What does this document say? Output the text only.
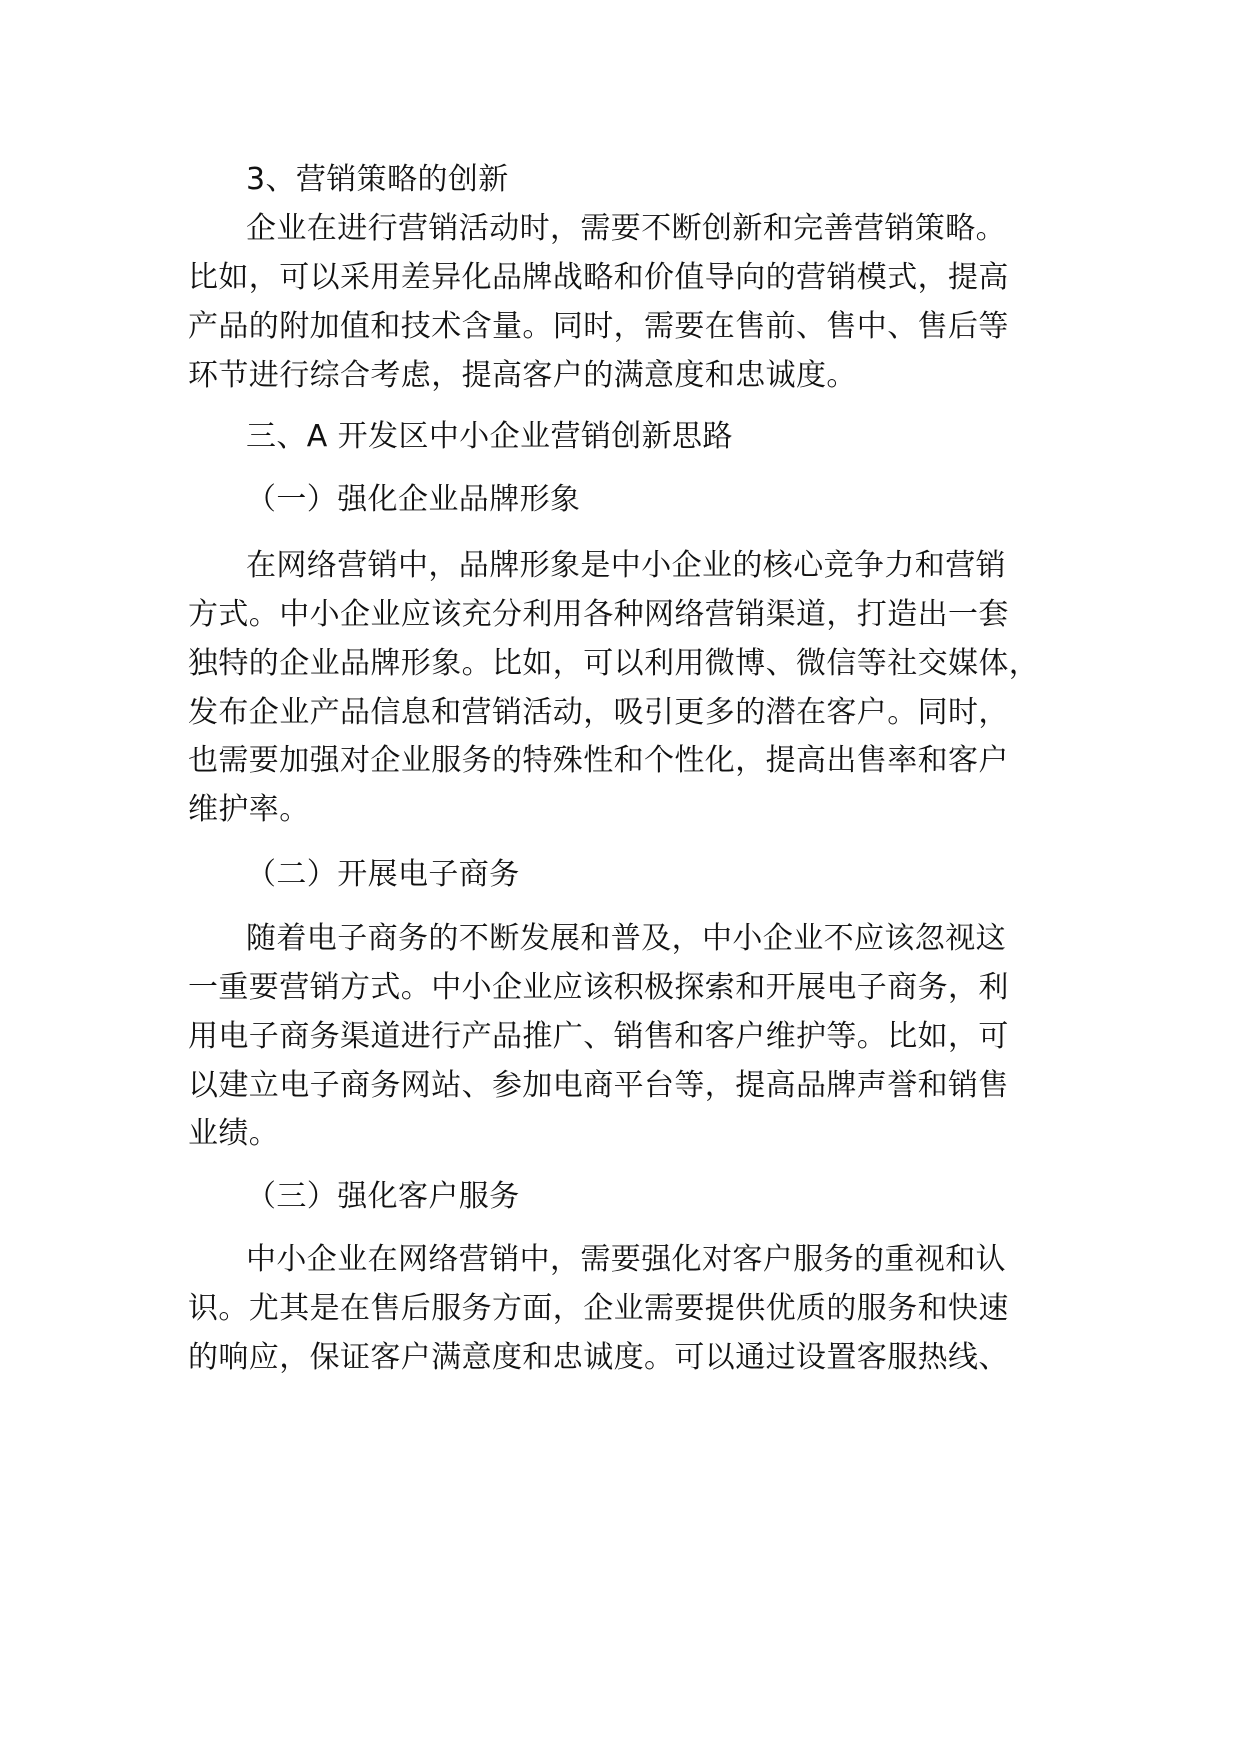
3、营销策略的创新
企业在进行营销活动时，需要不断创新和完善营销策略。
比如，可以采用差异化品牌战略和价值导向的营销模式，提高
产品的附加值和技术含量。同时，需要在售前、售中、售后等
环节进行综合考虑，提高客户的满意度和忠诚度。
三、A 开发区中小企业营销创新思路
（一）强化企业品牌形象
在网络营销中，品牌形象是中小企业的核心竞争力和营销
方式。中小企业应该充分利用各种网络营销渠道，打造出一套
独特的企业品牌形象。比如，可以利用微博、微信等社交媒体，
发布企业产品信息和营销活动，吸引更多的潜在客户。同时，
也需要加强对企业服务的特殊性和个性化，提高出售率和客户
维护率。
（二）开展电子商务
随着电子商务的不断发展和普及，中小企业不应该忽视这
一重要营销方式。中小企业应该积极探索和开展电子商务，利
用电子商务渠道进行产品推广、销售和客户维护等。比如，可
以建立电子商务网站、参加电商平台等，提高品牌声誉和销售
业绩。
（三）强化客户服务
中小企业在网络营销中，需要强化对客户服务的重视和认
识。尤其是在售后服务方面，企业需要提供优质的服务和快速
的响应，保证客户满意度和忠诚度。可以通过设置客服热线、
